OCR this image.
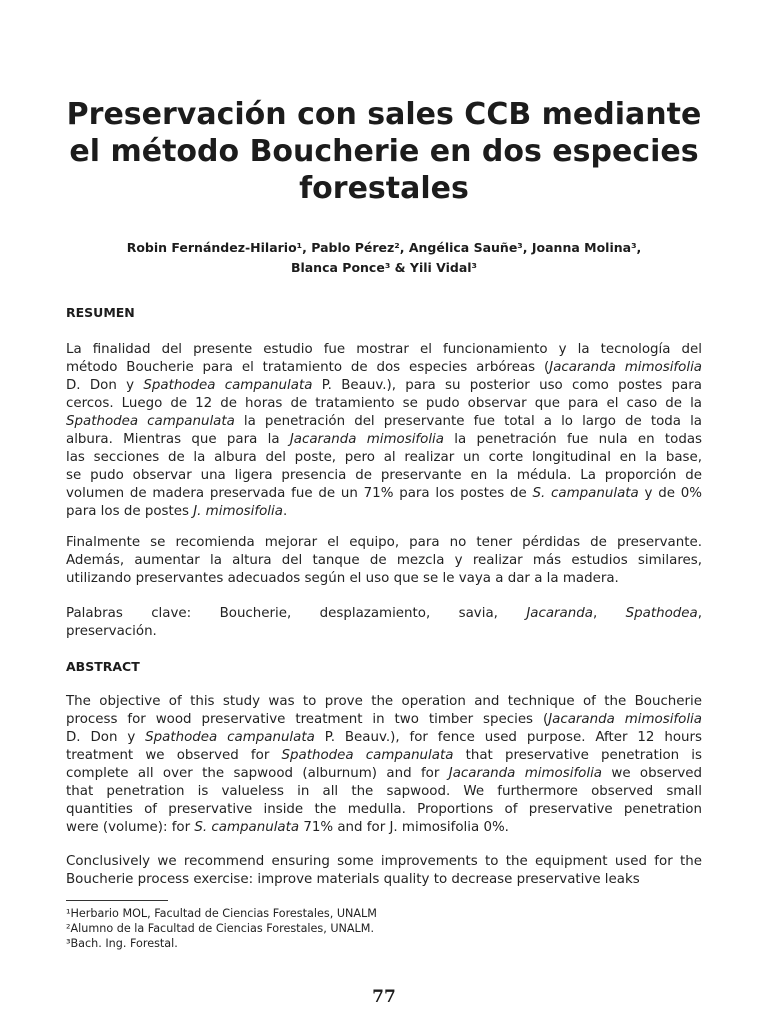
Preservación con sales CCB mediante
el método Boucherie en dos especies
forestales
Robin Fernández-Hilario¹, Pablo Pérez², Angélica Sauñe³, Joanna Molina³,
Blanca Ponce³ & Yili Vidal³
RESUMEN
La finalidad del presente estudio fue mostrar el funcionamiento y la tecnología del
método Boucherie para el tratamiento de dos especies arbóreas (Jacaranda mimosifolia
D. Don y Spathodea campanulata P. Beauv.), para su posterior uso como postes para
cercos. Luego de 12 de horas de tratamiento se pudo observar que para el caso de la
Spathodea campanulata la penetración del preservante fue total a lo largo de toda la
albura. Mientras que para la Jacaranda mimosifolia la penetración fue nula en todas
las secciones de la albura del poste, pero al realizar un corte longitudinal en la base,
se pudo observar una ligera presencia de preservante en la médula. La proporción de
volumen de madera preservada fue de un 71% para los postes de S. campanulata y de 0%
para los de postes J. mimosifolia.
Finalmente se recomienda mejorar el equipo, para no tener pérdidas de preservante.
Además, aumentar la altura del tanque de mezcla y realizar más estudios similares,
utilizando preservantes adecuados según el uso que se le vaya a dar a la madera.
Palabras clave: Boucherie, desplazamiento, savia, Jacaranda, Spathodea,
preservación.
ABSTRACT
The objective of this study was to prove the operation and technique of the Boucherie
process for wood preservative treatment in two timber species (Jacaranda mimosifolia
D. Don y Spathodea campanulata P. Beauv.), for fence used purpose. After 12 hours
treatment we observed for Spathodea campanulata that preservative penetration is
complete all over the sapwood (alburnum) and for Jacaranda mimosifolia we observed
that penetration is valueless in all the sapwood. We furthermore observed small
quantities of preservative inside the medulla. Proportions of preservative penetration
were (volume): for S. campanulata 71% and for J. mimosifolia 0%.
Conclusively we recommend ensuring some improvements to the equipment used for the
Boucherie process exercise: improve materials quality to decrease preservative leaks
¹Herbario MOL, Facultad de Ciencias Forestales, UNALM
²Alumno de la Facultad de Ciencias Forestales, UNALM.
³Bach. Ing. Forestal.
77
